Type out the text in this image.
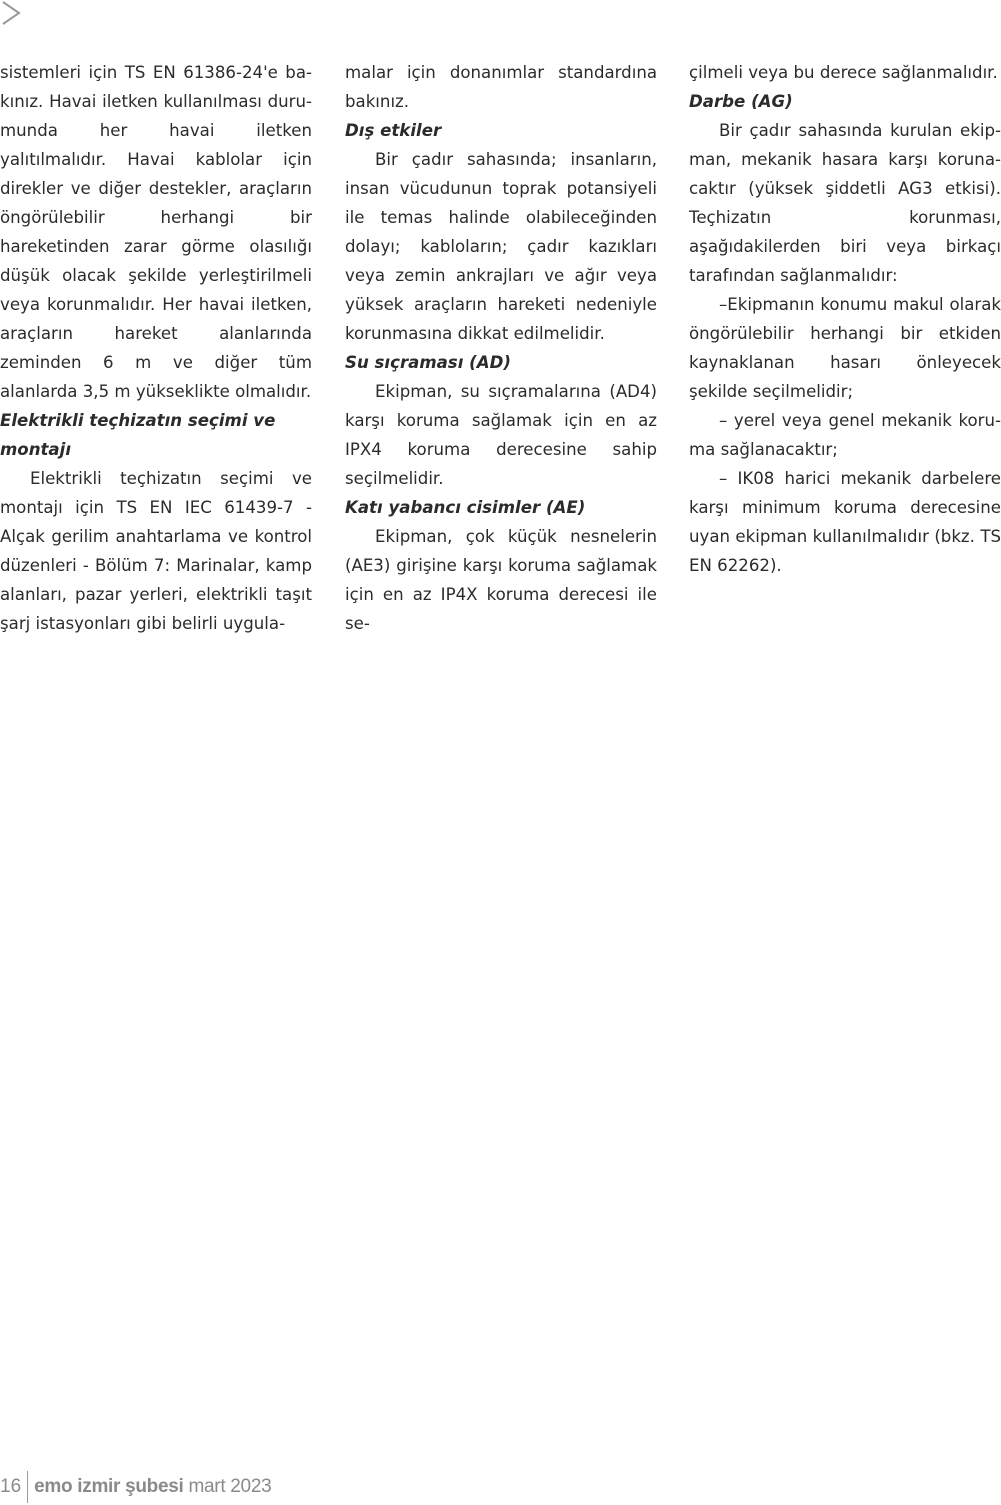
sistemleri için TS EN 61386-24'e bakınız. Havai iletken kullanılması durumunda her havai iletken yalıtılmalıdır. Havai kablolar için direkler ve diğer destekler, araçların öngörülebilir herhangi bir hareketinden zarar görme olasılığı düşük olacak şekilde yerleştirilmeli veya korunmalıdır. Her havai iletken, araçların hareket alanlarında zeminden 6 m ve diğer tüm alanlarda 3,5 m yükseklikte olmalıdır.

Elektrikli teçhizatın seçimi ve montajı

Elektrikli teçhizatın seçimi ve montajı için TS EN IEC 61439-7 - Alçak gerilim anahtarlama ve kontrol düzenleri - Bölüm 7: Marinalar, kamp alanları, pazar yerleri, elektrikli taşıt şarj istasyonları gibi belirli uygula-

malar için donanımlar standardına bakınız.

Dış etkiler

Bir çadır sahasında; insanların, insan vücudunun toprak potansiyeli ile temas halinde olabileceğinden dolayı; kabloların; çadır kazıkları veya zemin ankrajları ve ağır veya yüksek araçların hareketi nedeniyle korunmasına dikkat edilmelidir.

Su sıçraması (AD)

Ekipman, su sıçramalarına (AD4) karşı koruma sağlamak için en az IPX4 koruma derecesine sahip seçilmelidir.

Katı yabancı cisimler (AE)

Ekipman, çok küçük nesnelerin (AE3) girişine karşı koruma sağlamak için en az IP4X koruma derecesi ile se-

çilmeli veya bu derece sağlanmalıdır.

Darbe (AG)

Bir çadır sahasında kurulan ekipman, mekanik hasara karşı korunacaktır (yüksek şiddetli AG3 etkisi). Teçhizatın korunması, aşağıdakilerden biri veya birkaçı tarafından sağlanmalıdır:

–Ekipmanın konumu makul olarak öngörülebilir herhangi bir etkiden kaynaklanan hasarı önleyecek şekilde seçilmelidir;

– yerel veya genel mekanik koruma sağlanacaktır;

– IK08 harici mekanik darbelere karşı minimum koruma derecesine uyan ekipman kullanılmalıdır (bkz. TS EN 62262).

16 emo izmir şubesi mart 2023
